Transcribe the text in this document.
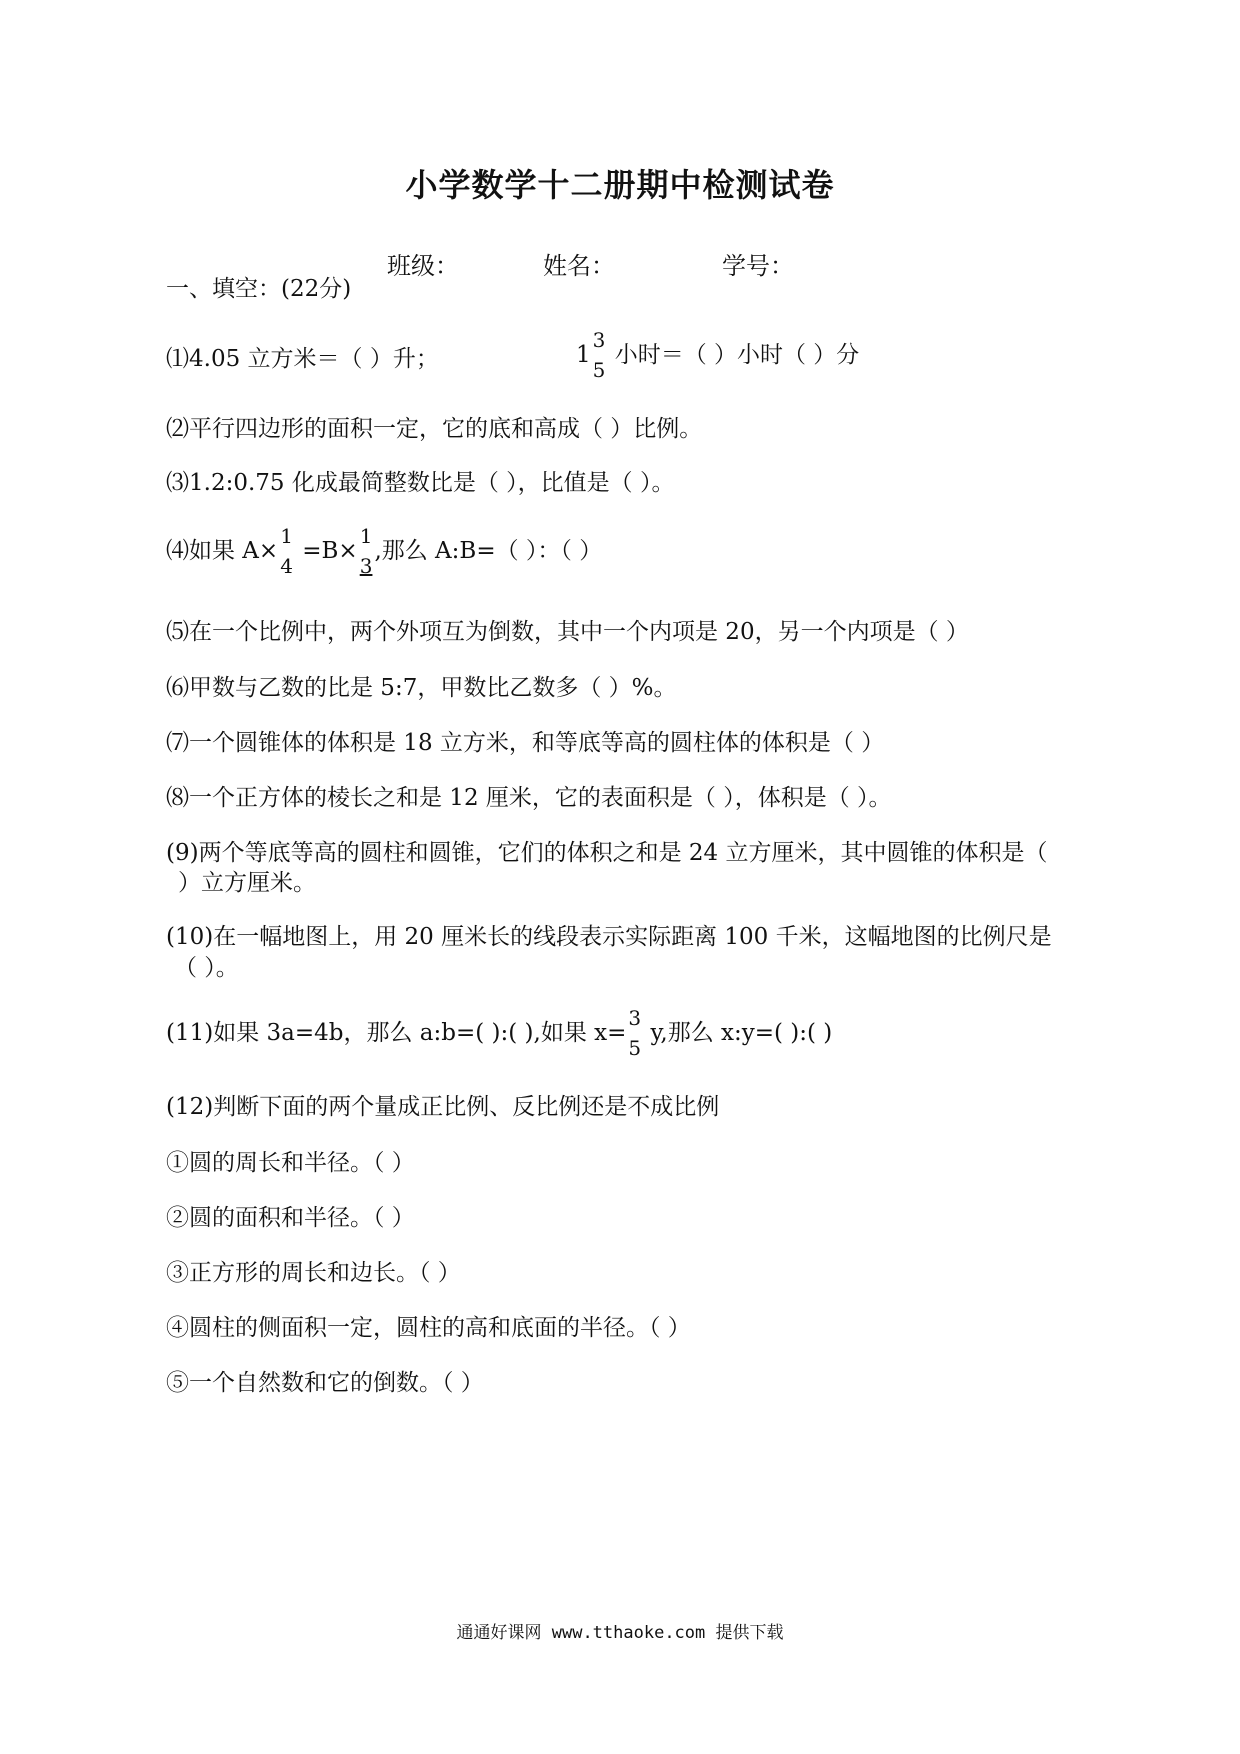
小学数学十二册期中检测试卷
班级：	姓名：	学号：
一、填空：(22分)
⑴4.05 立方米＝（ ）升；	1
3
5
小时＝（ ）小时（ ）分
⑵平行四边形的面积一定，它的底和高成（ ）比例。
⑶1.2:0.75 化成最简整数比是（ ），比值是（ ）。
⑷如果 A×
1
4
=B×
1
3
,那么 A:B=（ ）：（ ）
⑸在一个比例中，两个外项互为倒数，其中一个内项是 20，另一个内项是（ ）
⑹甲数与乙数的比是 5:7，甲数比乙数多（ ）%。
⑺一个圆锥体的体积是 18 立方米，和等底等高的圆柱体的体积是（ ）
⑻一个正方体的棱长之和是 12 厘米，它的表面积是（ ），体积是（ ）。
(9)两个等底等高的圆柱和圆锥，它们的体积之和是 24 立方厘米，其中圆锥的体积是（
）立方厘米。
(10)在一幅地图上，用 20 厘米长的线段表示实际距离 100 千米，这幅地图的比例尺是
（ ）。
(11)如果 3a=4b，那么 a:b=( ):( ),如果 x=
3
5
y,那么 x:y=( ):( )
(12)判断下面的两个量成正比例、反比例还是不成比例
①圆的周长和半径。（ ）
②圆的面积和半径。（ ）
③正方形的周长和边长。（ ）
④圆柱的侧面积一定，圆柱的高和底面的半径。（ ）
⑤一个自然数和它的倒数。（ ）
通通好课网 www.tthaoke.com 提供下载
